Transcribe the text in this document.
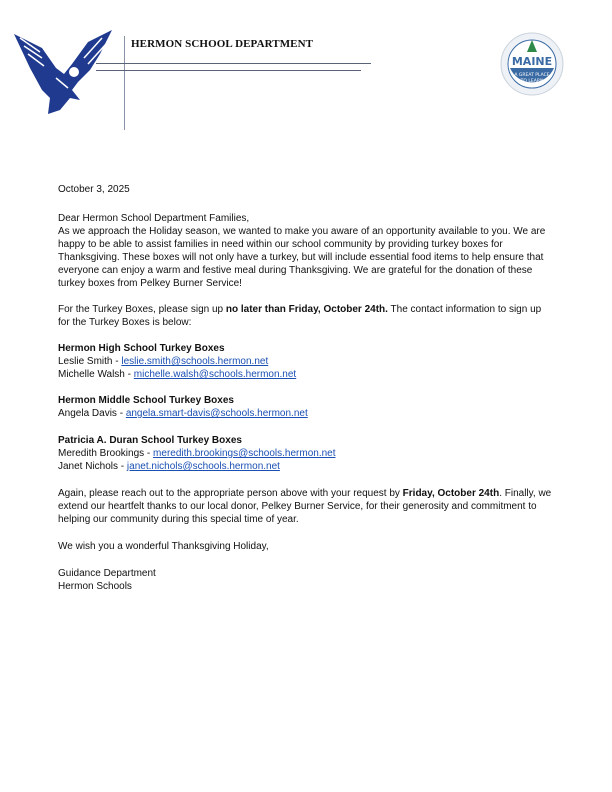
HERMON SCHOOL DEPARTMENT
MAINE
A GREAT PLACE
TO LEARN
October 3, 2025
Dear Hermon School Department Families,
As we approach the Holiday season, we wanted to make you aware of an opportunity available to you. We are
happy to be able to assist families in need within our school community by providing turkey boxes for
Thanksgiving. These boxes will not only have a turkey, but will include essential food items to help ensure that
everyone can enjoy a warm and festive meal during Thanksgiving. We are grateful for the donation of these
turkey boxes from Pelkey Burner Service!
For the Turkey Boxes, please sign up no later than Friday, October 24th. The contact information to sign up
for the Turkey Boxes is below:
Hermon High School Turkey Boxes
Leslie Smith - leslie.smith@schools.hermon.net
Michelle Walsh - michelle.walsh@schools.hermon.net
Hermon Middle School Turkey Boxes
Angela Davis - angela.smart-davis@schools.hermon.net
Patricia A. Duran School Turkey Boxes
Meredith Brookings - meredith.brookings@schools.hermon.net
Janet Nichols - janet.nichols@schools.hermon.net
Again, please reach out to the appropriate person above with your request by Friday, October 24th. Finally, we
extend our heartfelt thanks to our local donor, Pelkey Burner Service, for their generosity and commitment to
helping our community during this special time of year.
We wish you a wonderful Thanksgiving Holiday,
Guidance Department
Hermon Schools
